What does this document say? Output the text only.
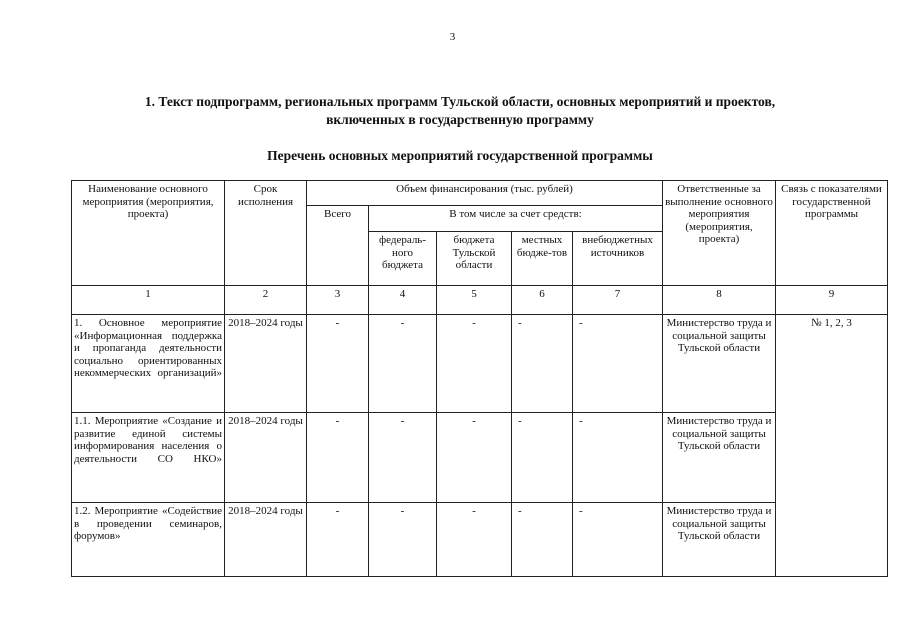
3
1. Текст подпрограмм, региональных программ Тульской области, основных мероприятий и проектов,
включенных в государственную программу
Перечень основных мероприятий государственной программы
Наименование основного мероприятия (мероприятия, проекта)	Срок исполнения	Объем финансирования (тыс. рублей)					Ответственные за выполнение основного мероприятия (мероприятия, проекта)	Связь с показателями государственной программы
		Всего	В том числе за счет средств:					
			федераль-ного бюджета	бюджета Тульской области	местных бюдже-тов	внебюджетных источников		
1	2	3	4	5	6	7	8	9
1. Основное мероприятие «Информационная поддержка и пропаганда деятельности социально ориентированных некоммерческих организаций»	2018–2024 годы	-	-	-	-	-	Министерство труда и социальной защиты Тульской области	№ 1, 2, 3
1.1. Мероприятие «Создание и развитие единой системы информирования населения о деятельности СО НКО»	2018–2024 годы	-	-	-	-	-	Министерство труда и социальной защиты Тульской области	
1.2. Мероприятие «Содействие в проведении семинаров, форумов»	2018–2024 годы	-	-	-	-	-	Министерство труда и социальной защиты Тульской области	
